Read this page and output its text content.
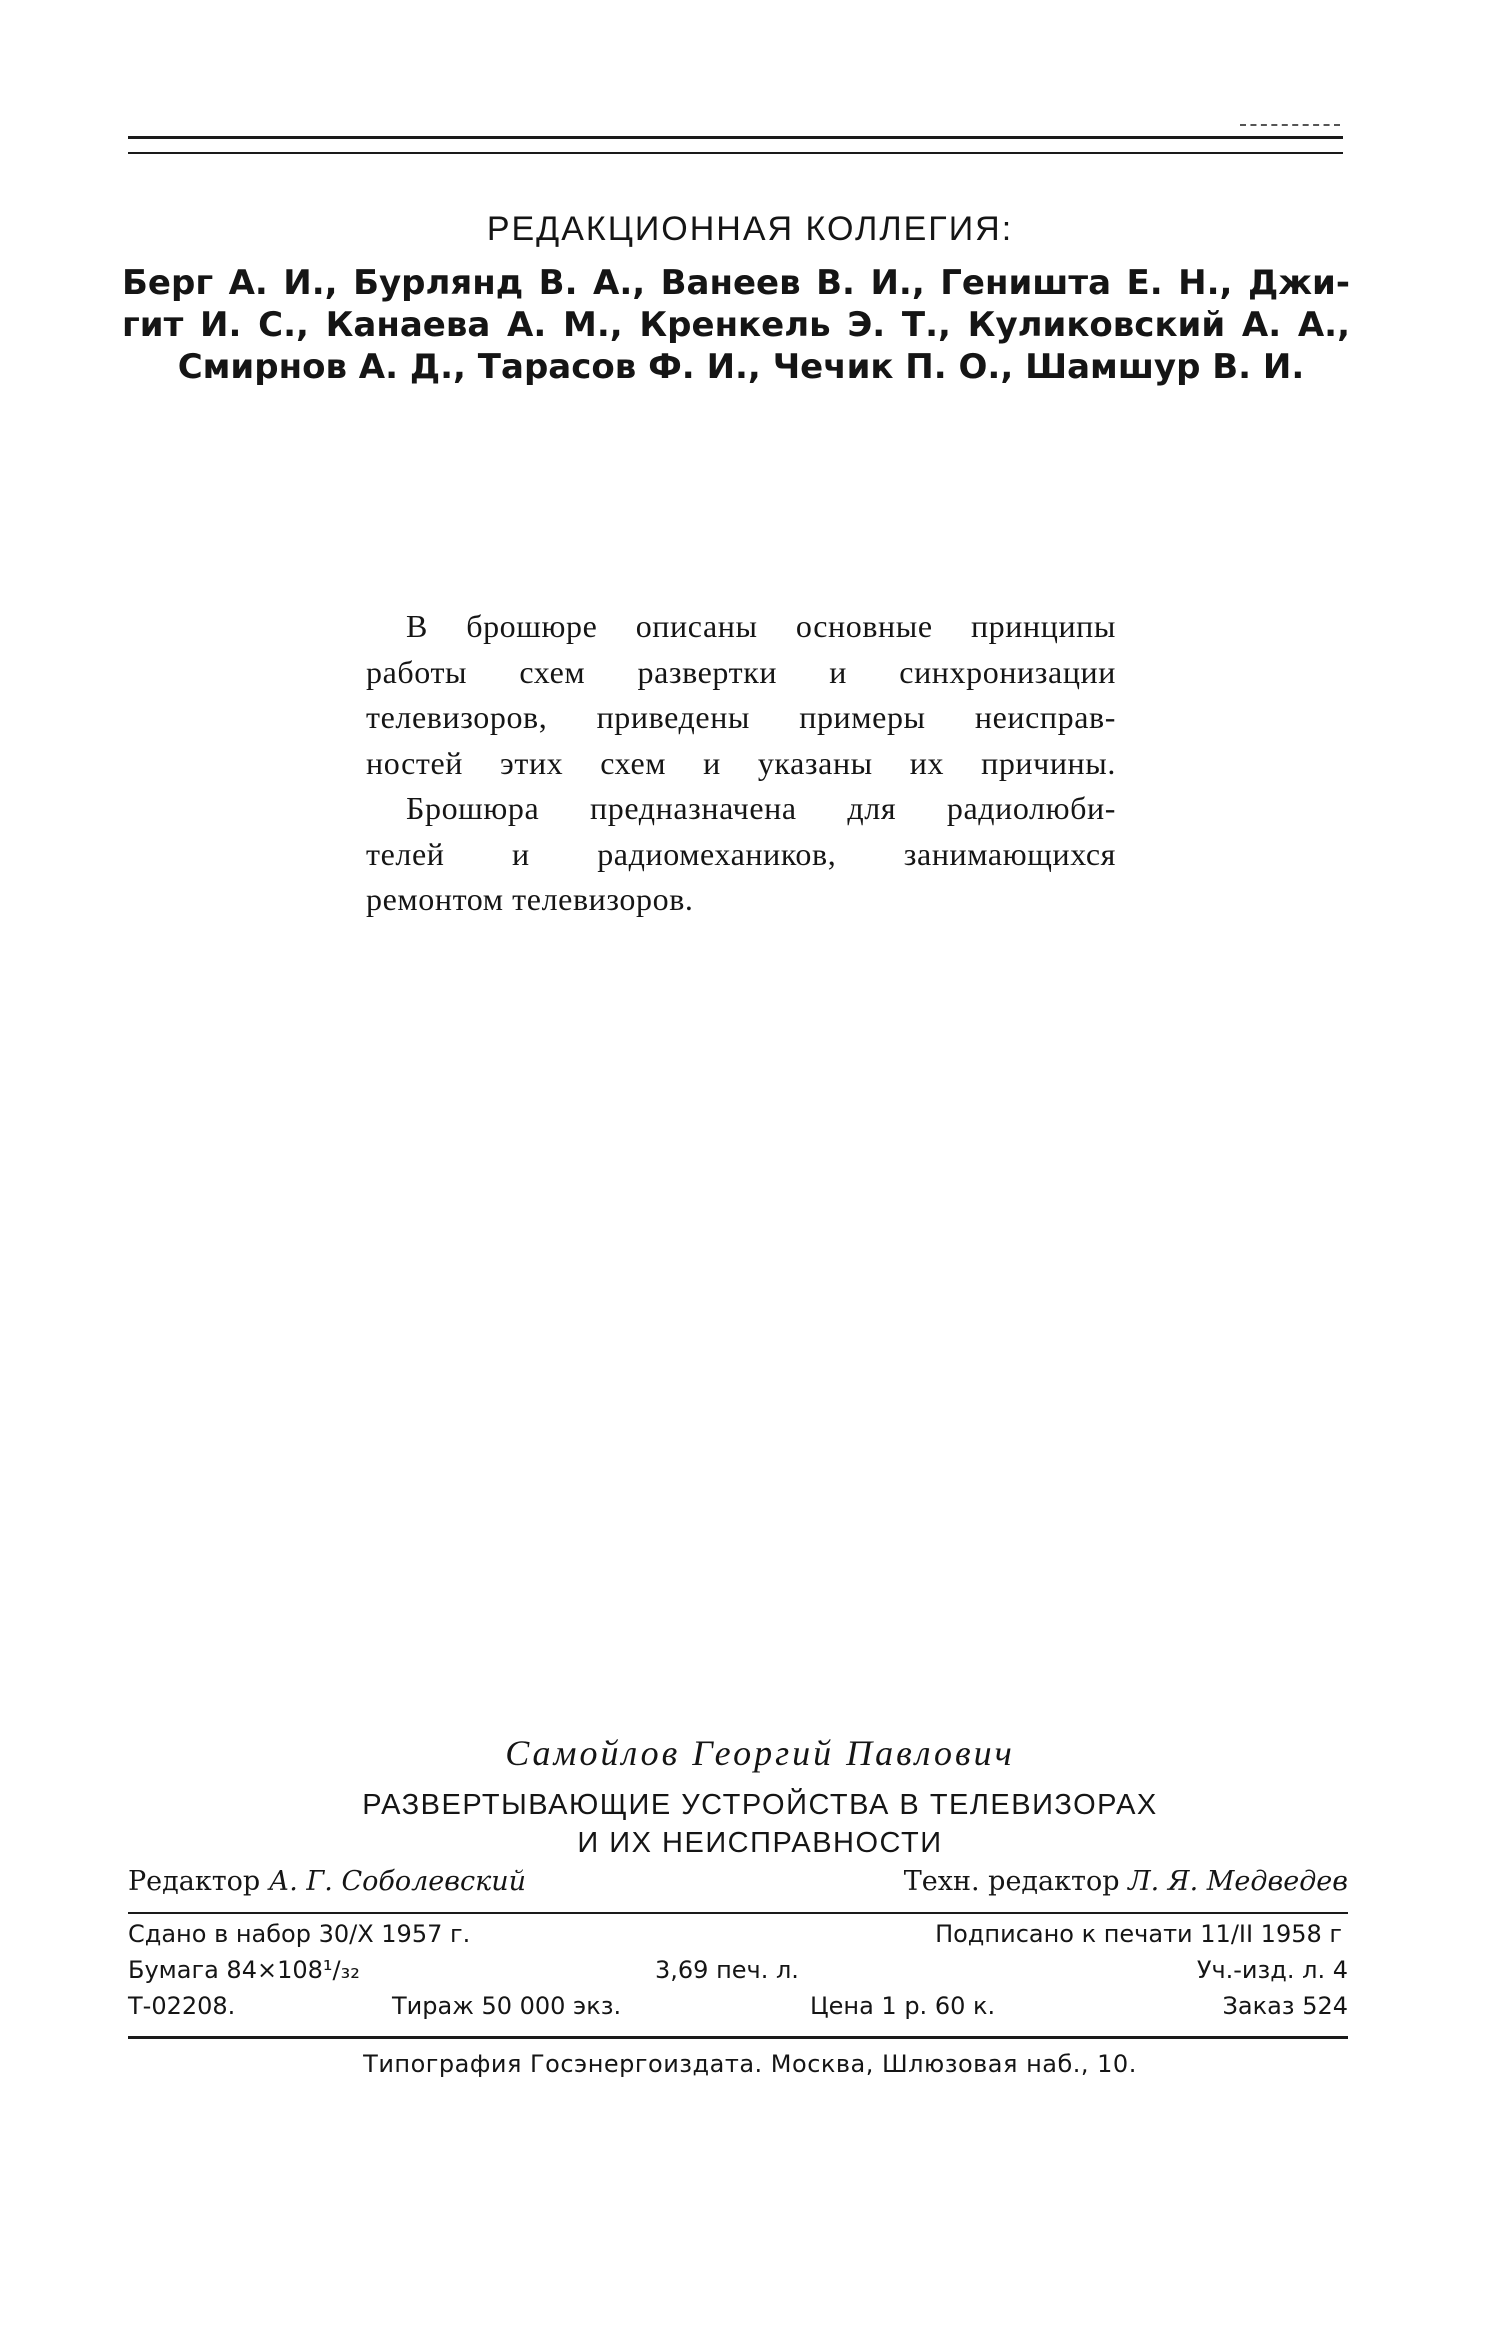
РЕДАКЦИОННАЯ КОЛЛЕГИЯ:
Берг А. И., Бурлянд В. А., Ванеев В. И., Геништа Е. Н., Джи-
гит И. С., Канаева А. М., Кренкель Э. Т., Куликовский А. А.,
Смирнов А. Д., Тарасов Ф. И., Чечик П. О., Шамшур В. И.
В брошюре описаны основные принципы
работы схем развертки и синхронизации
телевизоров, приведены примеры неисправ-
ностей этих схем и указаны их причины.
Брошюра предназначена для радиолюби-
телей и радиомехаников, занимающихся
ремонтом телевизоров.
Самойлов Георгий Павлович
РАЗВЕРТЫВАЮЩИЕ УСТРОЙСТВА В ТЕЛЕВИЗОРАХ
И ИХ НЕИСПРАВНОСТИ
Редактор А. Г. Соболевский	Техн. редактор Л. Я. Медведев
Сдано в набор 30/X 1957 г.	Подписано к печати 11/II 1958 г
Бумага 84×108¹/₃₂	3,69 печ. л.	Уч.-изд. л. 4
Т-02208.	Тираж 50 000 экз.	Цена 1 р. 60 к.	Заказ 524
Типография Госэнергоиздата. Москва, Шлюзовая наб., 10.
